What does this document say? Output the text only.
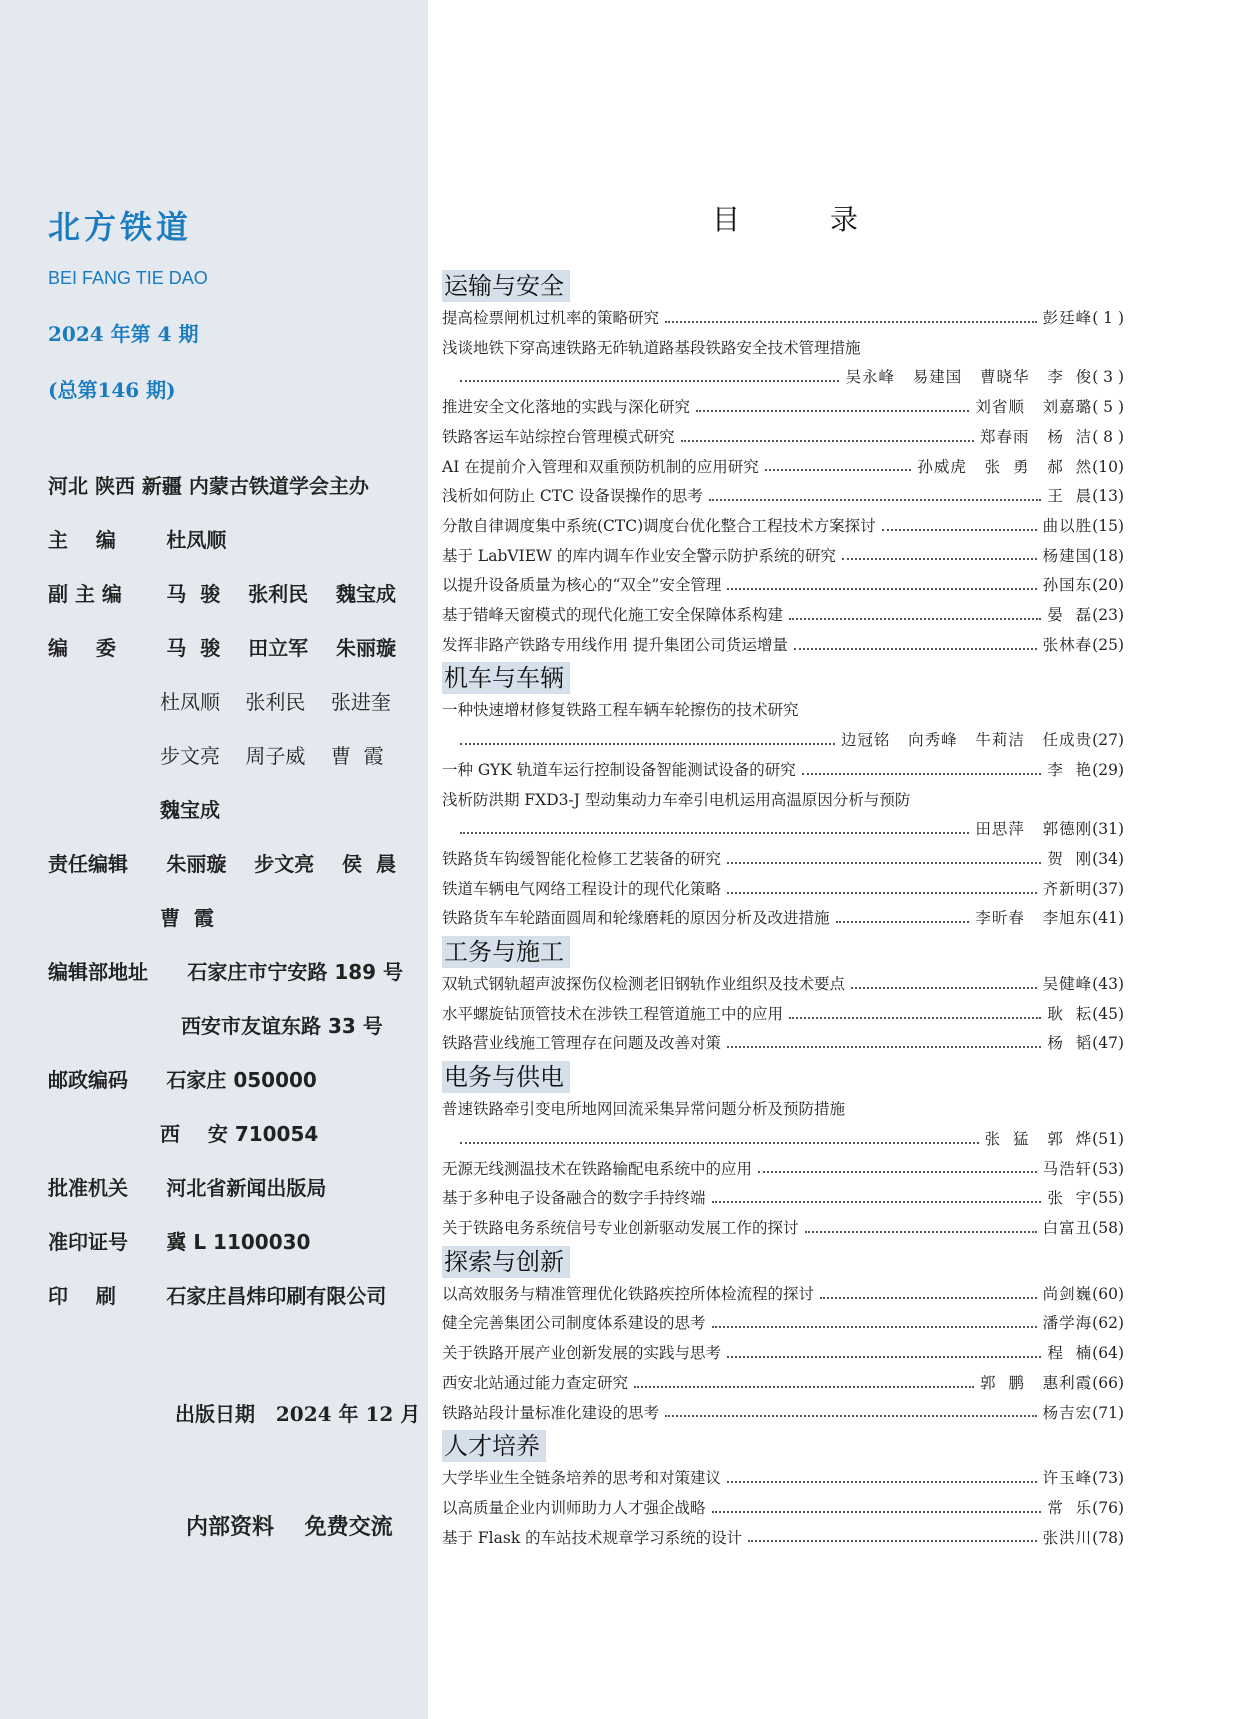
北方铁道
BEI FANG TIE DAO
2024 年第 4 期
(总第146 期)
河北 陕西 新疆 内蒙古铁道学会主办
主    编	杜凤顺
副 主 编 马  骏    张利民    魏宝成
编    委	马  骏    田立军    朱丽璇
杜凤顺    张利民    张进奎
步文亮    周子威    曹  霞
魏宝成
责任编辑 朱丽璇    步文亮    侯  晨
曹  霞
编辑部地址 石家庄市宁安路 189 号
西安市友谊东路 33 号
邮政编码 石家庄 050000
西    安 710054
批准机关 河北省新闻出版局
准印证号 冀 L 1100030
印    刷	石家庄昌炜印刷有限公司
出版日期   2024 年 12 月
内部资料    免费交流
目	录
运输与安全
提高检票闸机过机率的策略研究	彭廷峰 ( 1 )
浅谈地铁下穿高速铁路无砟轨道路基段铁路安全技术管理措施
吴永峰   易建国   曹晓华   李  俊 ( 3 )
推进安全文化落地的实践与深化研究	刘省顺   刘嘉璐 ( 5 )
铁路客运车站综控台管理模式研究	郑春雨   杨  洁 ( 8 )
AI 在提前介入管理和双重预防机制的应用研究	孙威虎   张  勇   郝  然 (10)
浅析如何防止 CTC 设备误操作的思考	王  晨 (13)
分散自律调度集中系统(CTC)调度台优化整合工程技术方案探讨	曲以胜 (15)
基于 LabVIEW 的库内调车作业安全警示防护系统的研究	杨建国 (18)
以提升设备质量为核心的“双全”安全管理	孙国东 (20)
基于错峰天窗模式的现代化施工安全保障体系构建	晏  磊 (23)
发挥非路产铁路专用线作用 提升集团公司货运增量	张林春 (25)
机车与车辆
一种快速增材修复铁路工程车辆车轮擦伤的技术研究
边冠铭   向秀峰   牛莉洁   任成贵 (27)
一种 GYK 轨道车运行控制设备智能测试设备的研究	李  艳 (29)
浅析防洪期 FXD3-J 型动集动力车牵引电机运用高温原因分析与预防
田思萍   郭德刚 (31)
铁路货车钩缓智能化检修工艺装备的研究	贺  刚 (34)
铁道车辆电气网络工程设计的现代化策略	齐新明 (37)
铁路货车车轮踏面圆周和轮缘磨耗的原因分析及改进措施	李昕春   李旭东 (41)
工务与施工
双轨式钢轨超声波探伤仪检测老旧钢轨作业组织及技术要点	吴健峰 (43)
水平螺旋钻顶管技术在涉铁工程管道施工中的应用	耿  耘 (45)
铁路营业线施工管理存在问题及改善对策	杨  韬 (47)
电务与供电
普速铁路牵引变电所地网回流采集异常问题分析及预防措施
张  猛   郭  烨 (51)
无源无线测温技术在铁路输配电系统中的应用	马浩轩 (53)
基于多种电子设备融合的数字手持终端	张  宇 (55)
关于铁路电务系统信号专业创新驱动发展工作的探讨	白富丑 (58)
探索与创新
以高效服务与精准管理优化铁路疾控所体检流程的探讨	尚剑巍 (60)
健全完善集团公司制度体系建设的思考	潘学海 (62)
关于铁路开展产业创新发展的实践与思考	程  楠 (64)
西安北站通过能力查定研究	郭  鹏   惠利霞 (66)
铁路站段计量标准化建设的思考	杨吉宏 (71)
人才培养
大学毕业生全链条培养的思考和对策建议	许玉峰 (73)
以高质量企业内训师助力人才强企战略	常  乐 (76)
基于 Flask 的车站技术规章学习系统的设计	张洪川 (78)
